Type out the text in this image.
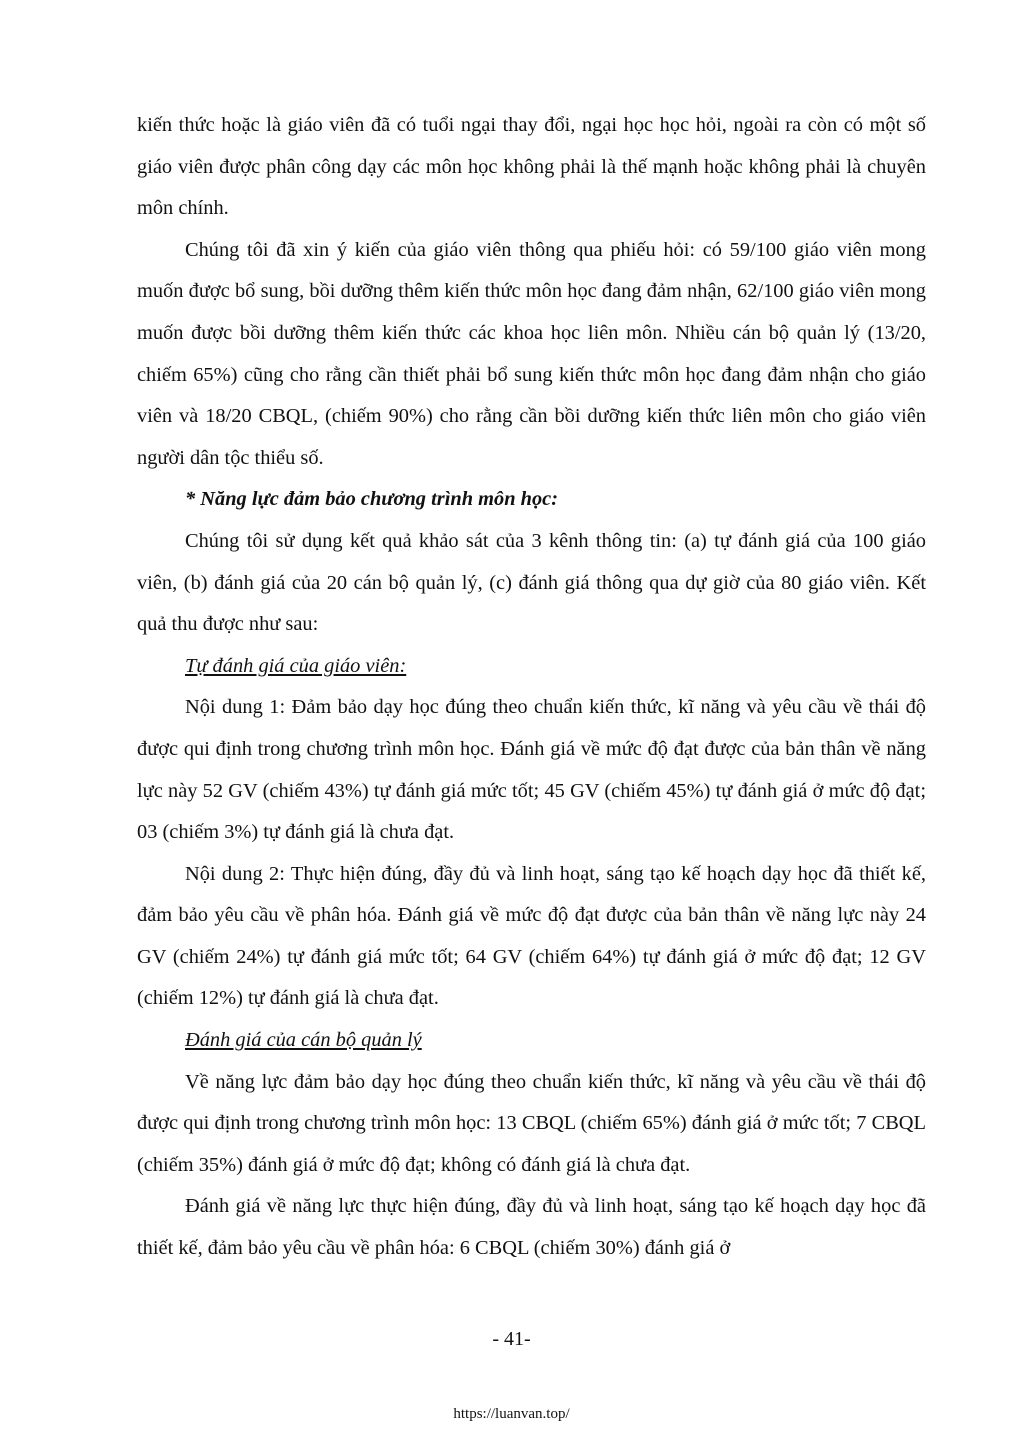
kiến thức hoặc là giáo viên đã có tuổi ngại thay đổi, ngại học học hỏi, ngoài ra còn có một số giáo viên được phân công dạy các môn học không phải là thế mạnh hoặc không phải là chuyên môn chính.

Chúng tôi đã xin ý kiến của giáo viên thông qua phiếu hỏi: có 59/100 giáo viên mong muốn được bổ sung, bồi dưỡng thêm kiến thức môn học đang đảm nhận, 62/100 giáo viên mong muốn được bồi dưỡng thêm kiến thức các khoa học liên môn. Nhiều cán bộ quản lý (13/20, chiếm 65%) cũng cho rằng cần thiết phải bổ sung kiến thức môn học đang đảm nhận cho giáo viên và 18/20 CBQL, (chiếm 90%) cho rằng cần bồi dưỡng kiến thức liên môn cho giáo viên người dân tộc thiểu số.

* Năng lực đảm bảo chương trình môn học:

Chúng tôi sử dụng kết quả khảo sát của 3 kênh thông tin: (a) tự đánh giá của 100 giáo viên, (b) đánh giá của 20 cán bộ quản lý, (c) đánh giá thông qua dự giờ của 80 giáo viên. Kết quả thu được như sau:

Tự đánh giá của giáo viên:

Nội dung 1: Đảm bảo dạy học đúng theo chuẩn kiến thức, kĩ năng và yêu cầu về thái độ được qui định trong chương trình môn học. Đánh giá về mức độ đạt được của bản thân về năng lực này 52 GV (chiếm 43%) tự đánh giá mức tốt; 45 GV (chiếm 45%) tự đánh giá ở mức độ đạt; 03 (chiếm 3%) tự đánh giá là chưa đạt.

Nội dung 2: Thực hiện đúng, đầy đủ và linh hoạt, sáng tạo kế hoạch dạy học đã thiết kế, đảm bảo yêu cầu về phân hóa. Đánh giá về mức độ đạt được của bản thân về năng lực này 24 GV (chiếm 24%) tự đánh giá mức tốt; 64 GV (chiếm 64%) tự đánh giá ở mức độ đạt; 12 GV (chiếm 12%) tự đánh giá là chưa đạt.

Đánh giá của cán bộ quản lý

Về năng lực đảm bảo dạy học đúng theo chuẩn kiến thức, kĩ năng và yêu cầu về thái độ được qui định trong chương trình môn học: 13 CBQL (chiếm 65%) đánh giá ở mức tốt; 7 CBQL (chiếm 35%) đánh giá ở mức độ đạt; không có đánh giá là chưa đạt.

Đánh giá về năng lực thực hiện đúng, đầy đủ và linh hoạt, sáng tạo kế hoạch dạy học đã thiết kế, đảm bảo yêu cầu về phân hóa: 6 CBQL (chiếm 30%) đánh giá ở

- 41-
https://luanvan.top/
